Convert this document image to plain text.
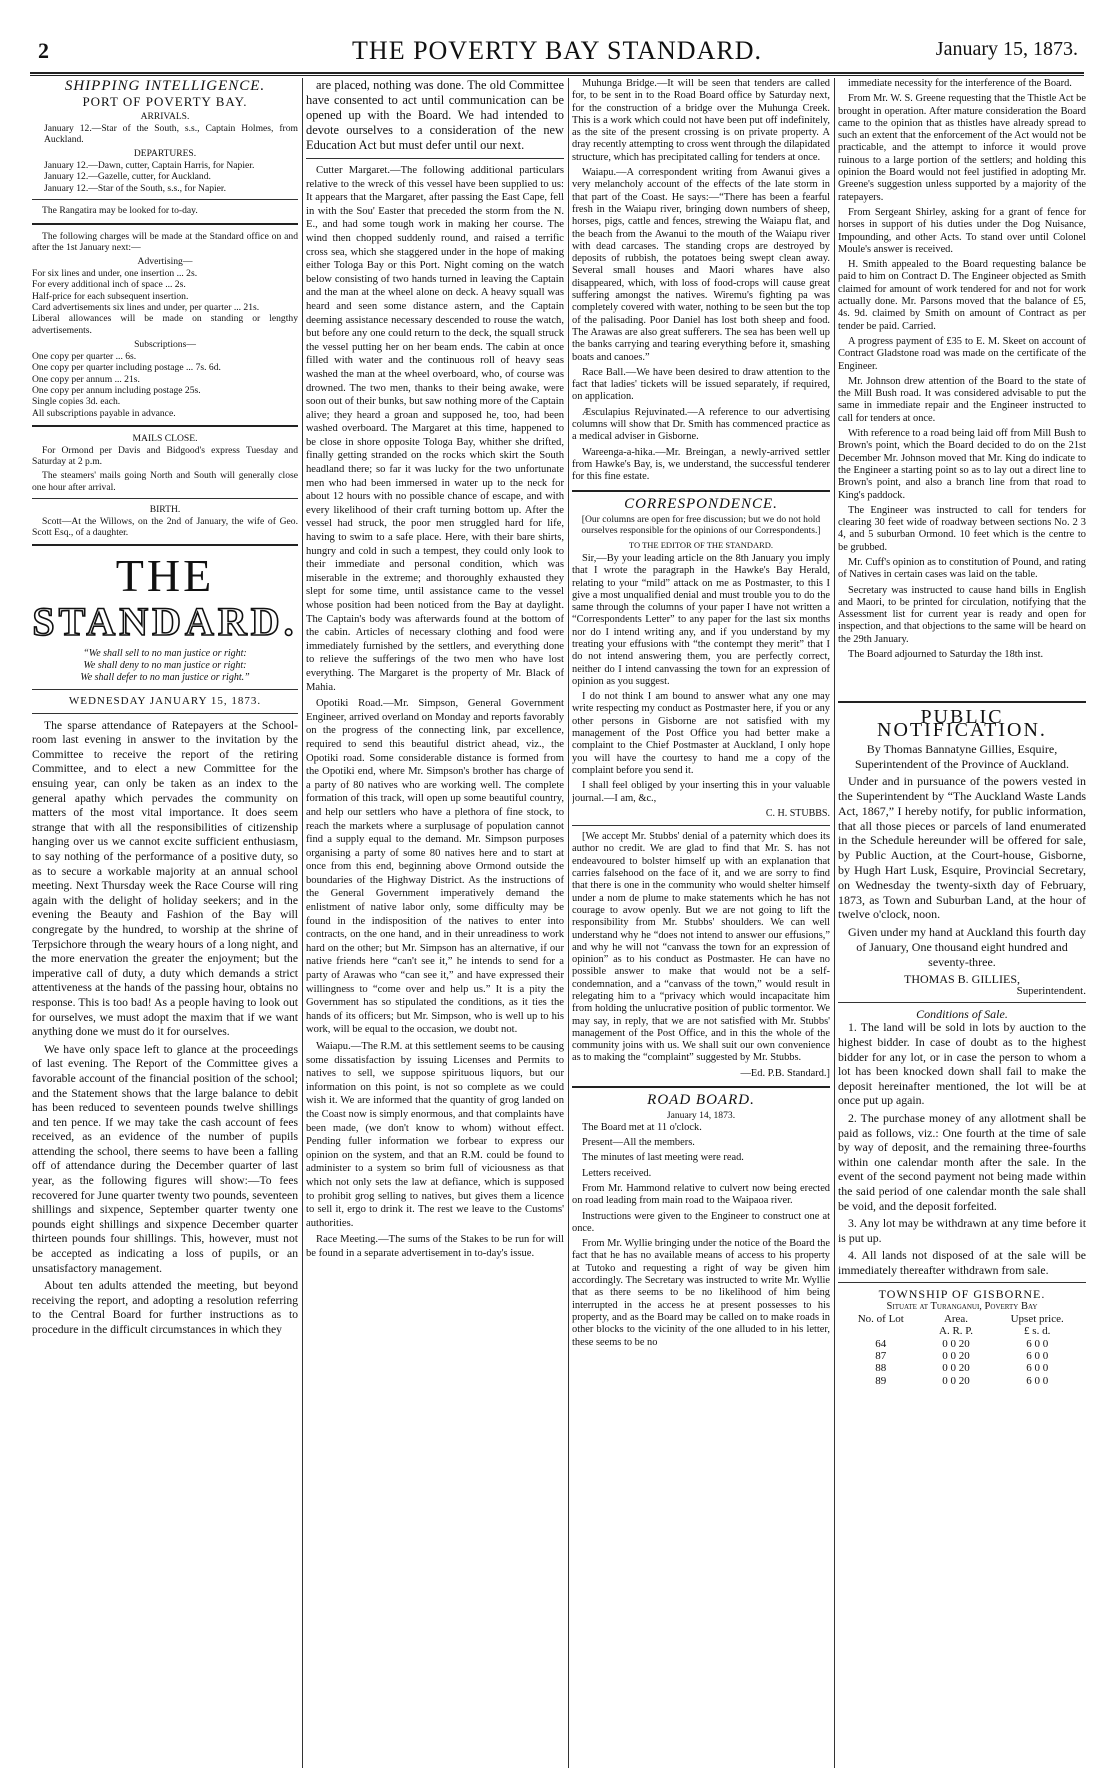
2	THE POVERTY BAY STANDARD.	January 15, 1873.
SHIPPING INTELLIGENCE.
PORT OF POVERTY BAY.
ARRIVALS.
January 12.—Star of the South, s.s., Captain Holmes, from Auckland.
DEPARTURES.
January 12.—Dawn, cutter, Captain Harris, for Napier.
January 12.—Gazelle, cutter, for Auckland.
January 12.—Star of the South, s.s., for Napier.
The Rangatira may be looked for to-day.
The following charges will be made at the Standard office on and after the 1st January next:—
Advertising—
For six lines and under, one insertion ... 2s.
For every additional inch of space ... 2s.
Half-price for each subsequent insertion.
Card advertisements six lines and under, per quarter ... 21s.
Liberal allowances will be made on standing or lengthy advertisements.
Subscriptions—
One copy per quarter ... 6s.
One copy per quarter including postage ... 7s. 6d.
One copy per annum ... 21s.
One copy per annum including postage 25s.
Single copies 3d. each.
All subscriptions payable in advance.
MAILS CLOSE.
For Ormond per Davis and Bidgood's express Tuesday and Saturday at 2 p.m.
The steamers' mails going North and South will generally close one hour after arrival.
BIRTH.
Scott—At the Willows, on the 2nd of January, the wife of Geo. Scott Esq., of a daughter.
THE
STANDARD.
“We shall sell to no man justice or right:
We shall deny to no man justice or right:
We shall defer to no man justice or right.”
WEDNESDAY JANUARY 15, 1873.

The sparse attendance of Ratepayers at the School-room last evening in answer to the invitation by the Committee to receive the report of the retiring Committee, and to elect a new Committee for the ensuing year, can only be taken as an index to the general apathy which pervades the community on matters of the most vital importance. It does seem strange that with all the responsibilities of citizenship hanging over us we cannot excite sufficient enthusiasm, to say nothing of the performance of a positive duty, so as to secure a workable majority at an annual school meeting. Next Thursday week the Race Course will ring again with the delight of holiday seekers; and in the evening the Beauty and Fashion of the Bay will congregate by the hundred, to worship at the shrine of Terpsichore through the weary hours of a long night, and the more enervation the greater the enjoyment; but the imperative call of duty, a duty which demands a strict attentiveness at the hands of the passing hour, obtains no response. This is too bad! As a people having to look out for ourselves, we must adopt the maxim that if we want anything done we must do it for ourselves.

We have only space left to glance at the proceedings of last evening. The Report of the Committee gives a favorable account of the financial position of the school; and the Statement shows that the large balance to debit has been reduced to seventeen pounds twelve shillings and ten pence. If we may take the cash account of fees received, as an evidence of the number of pupils attending the school, there seems to have been a falling off of attendance during the December quarter of last year, as the following figures will show:—To fees recovered for June quarter twenty two pounds, seventeen shillings and sixpence, September quarter twenty one pounds eight shillings and sixpence December quarter thirteen pounds four shillings. This, however, must not be accepted as indicating a loss of pupils, or an unsatisfactory management.

About ten adults attended the meeting, but beyond receiving the report, and adopting a resolution referring to the Central Board for further instructions as to procedure in the difficult circumstances in which they

are placed, nothing was done. The old Committee have consented to act until communication can be opened up with the Board. We had intended to devote ourselves to a consideration of the new Education Act but must defer until our next.

Cutter Margaret.—The following additional particulars relative to the wreck of this vessel have been supplied to us: It appears that the Margaret, after passing the East Cape, fell in with the Sou' Easter that preceded the storm from the N. E., and had some tough work in making her course. The wind then chopped suddenly round, and raised a terrific cross sea, which she staggered under in the hope of making either Tologa Bay or this Port. Night coming on the watch below consisting of two hands turned in leaving the Captain and the man at the wheel alone on deck. A heavy squall was heard and seen some distance astern, and the Captain deeming assistance necessary descended to rouse the watch, but before any one could return to the deck, the squall struck the vessel putting her on her beam ends. The cabin at once filled with water and the continuous roll of heavy seas washed the man at the wheel overboard, who, of course was drowned. The two men, thanks to their being awake, were soon out of their bunks, but saw nothing more of the Captain alive; they heard a groan and supposed he, too, had been washed overboard. The Margaret at this time, happened to be close in shore opposite Tologa Bay, whither she drifted, finally getting stranded on the rocks which skirt the South headland there; so far it was lucky for the two unfortunate men who had been immersed in water up to the neck for about 12 hours with no possible chance of escape, and with every likelihood of their craft turning bottom up. After the vessel had struck, the poor men struggled hard for life, having to swim to a safe place. Here, with their bare shirts, hungry and cold in such a tempest, they could only look to their immediate and personal condition, which was miserable in the extreme; and thoroughly exhausted they slept for some time, until assistance came to the vessel whose position had been noticed from the Bay at daylight. The Captain's body was afterwards found at the bottom of the cabin. Articles of necessary clothing and food were immediately furnished by the settlers, and everything done to relieve the sufferings of the two men who have lost everything. The Margaret is the property of Mr. Black of Mahia.

Opotiki Road.—Mr. Simpson, General Government Engineer, arrived overland on Monday and reports favorably on the progress of the connecting link, par excellence, required to send this beautiful district ahead, viz., the Opotiki road. Some considerable distance is formed from the Opotiki end, where Mr. Simpson's brother has charge of a party of 80 natives who are working well. The complete formation of this track, will open up some beautiful country, and help our settlers who have a plethora of fine stock, to reach the markets where a surplusage of population cannot find a supply equal to the demand. Mr. Simpson purposes organising a party of some 80 natives here and to start at once from this end, beginning above Ormond outside the boundaries of the Highway District. As the instructions of the General Government imperatively demand the enlistment of native labor only, some difficulty may be found in the indisposition of the natives to enter into contracts, on the one hand, and in their unreadiness to work hard on the other; but Mr. Simpson has an alternative, if our native friends here “can't see it,” he intends to send for a party of Arawas who “can see it,” and have expressed their willingness to “come over and help us.” It is a pity the Government has so stipulated the conditions, as it ties the hands of its officers; but Mr. Simpson, who is well up to his work, will be equal to the occasion, we doubt not.

Waiapu.—The R.M. at this settlement seems to be causing some dissatisfaction by issuing Licenses and Permits to natives to sell, we suppose spirituous liquors, but our information on this point, is not so complete as we could wish it. We are informed that the quantity of grog landed on the Coast now is simply enormous, and that complaints have been made, (we don't know to whom) without effect. Pending fuller information we forbear to express our opinion on the system, and that an R.M. could be found to administer to a system so brim full of viciousness as that which not only sets the law at defiance, which is supposed to prohibit grog selling to natives, but gives them a licence to sell it, ergo to drink it. The rest we leave to the Customs' authorities.

Race Meeting.—The sums of the Stakes to be run for will be found in a separate advertisement in to-day's issue.

Muhunga Bridge.—It will be seen that tenders are called for, to be sent in to the Road Board office by Saturday next, for the construction of a bridge over the Muhunga Creek. This is a work which could not have been put off indefinitely, as the site of the present crossing is on private property. A dray recently attempting to cross went through the dilapidated structure, which has precipitated calling for tenders at once.

Waiapu.—A correspondent writing from Awanui gives a very melancholy account of the effects of the late storm in that part of the Coast. He says:—“There has been a fearful fresh in the Waiapu river, bringing down numbers of sheep, horses, pigs, cattle and fences, strewing the Waiapu flat, and the beach from the Awanui to the mouth of the Waiapu river with dead carcases. The standing crops are destroyed by deposits of rubbish, the potatoes being swept clean away. Several small houses and Maori whares have also disappeared, which, with loss of food-crops will cause great suffering amongst the natives. Wiremu's fighting pa was completely covered with water, nothing to be seen but the top of the palisading. Poor Daniel has lost both sheep and food. The Arawas are also great sufferers. The sea has been well up the banks carrying and tearing everything before it, smashing boats and canoes.”

Race Ball.—We have been desired to draw attention to the fact that ladies' tickets will be issued separately, if required, on application.

Æsculapius Rejuvinated.—A reference to our advertising columns will show that Dr. Smith has commenced practice as a medical adviser in Gisborne.

Wareenga-a-hika.—Mr. Breingan, a newly-arrived settler from Hawke's Bay, is, we understand, the successful tenderer for this fine estate.

CORRESPONDENCE.
[Our columns are open for free discussion; but we do not hold ourselves responsible for the opinions of our Correspondents.]
TO THE EDITOR OF THE STANDARD.

Sir,—By your leading article on the 8th January you imply that I wrote the paragraph in the Hawke's Bay Herald, relating to your “mild” attack on me as Postmaster, to this I give a most unqualified denial and must trouble you to do the same through the columns of your paper I have not written a “Correspondents Letter” to any paper for the last six months nor do I intend writing any, and if you understand by my treating your effusions with “the contempt they merit” that I do not intend answering them, you are perfectly correct, neither do I intend canvassing the town for an expression of opinion as you suggest.

I do not think I am bound to answer what any one may write respecting my conduct as Postmaster here, if you or any other persons in Gisborne are not satisfied with my management of the Post Office you had better make a complaint to the Chief Postmaster at Auckland, I only hope you will have the courtesy to hand me a copy of the complaint before you send it.

I shall feel obliged by your inserting this in your valuable journal.—I am, &c.,

C. H. STUBBS.

[We accept Mr. Stubbs' denial of a paternity which does its author no credit. We are glad to find that Mr. S. has not endeavoured to bolster himself up with an explanation that carries falsehood on the face of it, and we are sorry to find that there is one in the community who would shelter himself under a nom de plume to make statements which he has not courage to avow openly. But we are not going to lift the responsibility from Mr. Stubbs' shoulders. We can well understand why he “does not intend to answer our effusions,” and why he will not “canvass the town for an expression of opinion” as to his conduct as Postmaster. He can have no possible answer to make that would not be a self-condemnation, and a “canvass of the town,” would result in relegating him to a “privacy which would incapacitate him from holding the unlucrative position of public tormentor. We may say, in reply, that we are not satisfied with Mr. Stubbs' management of the Post Office, and in this the whole of the community joins with us. We shall suit our own convenience as to making the “complaint” suggested by Mr. Stubbs.

—Ed. P.B. Standard.]
ROAD BOARD.
January 14, 1873.

The Board met at 11 o'clock.

Present—All the members.

The minutes of last meeting were read.

Letters received.

From Mr. Hammond relative to culvert now being erected on road leading from main road to the Waipaoa river.

Instructions were given to the Engineer to construct one at once.

From Mr. Wyllie bringing under the notice of the Board the fact that he has no available means of access to his property at Tutoko and requesting a right of way be given him accordingly. The Secretary was instructed to write Mr. Wyllie that as there seems to be no likelihood of him being interrupted in the access he at present possesses to his property, and as the Board may be called on to make roads in other blocks to the vicinity of the one alluded to in his letter, these seems to be no

immediate necessity for the interference of the Board.

From Mr. W. S. Greene requesting that the Thistle Act be brought in operation. After mature consideration the Board came to the opinion that as thistles have already spread to such an extent that the enforcement of the Act would not be practicable, and the attempt to inforce it would prove ruinous to a large portion of the settlers; and holding this opinion the Board would not feel justified in adopting Mr. Greene's suggestion unless supported by a majority of the ratepayers.

From Sergeant Shirley, asking for a grant of fence for horses in support of his duties under the Dog Nuisance, Impounding, and other Acts. To stand over until Colonel Moule's answer is received.

H. Smith appealed to the Board requesting balance be paid to him on Contract D. The Engineer objected as Smith claimed for amount of work tendered for and not for work actually done. Mr. Parsons moved that the balance of £5, 4s. 9d. claimed by Smith on amount of Contract as per tender be paid. Carried.

A progress payment of £35 to E. M. Skeet on account of Contract Gladstone road was made on the certificate of the Engineer.

Mr. Johnson drew attention of the Board to the state of the Mill Bush road. It was considered advisable to put the same in immediate repair and the Engineer instructed to call for tenders at once.

With reference to a road being laid off from Mill Bush to Brown's point, which the Board decided to do on the 21st December Mr. Johnson moved that Mr. King do indicate to the Engineer a starting point so as to lay out a direct line to Brown's point, and also a branch line from that road to King's paddock.

The Engineer was instructed to call for tenders for clearing 30 feet wide of roadway between sections No. 2 3 4, and 5 suburban Ormond. 10 feet which is the centre to be grubbed.

Mr. Cuff's opinion as to constitution of Pound, and rating of Natives in certain cases was laid on the table.

Secretary was instructed to cause hand bills in English and Maori, to be printed for circulation, notifying that the Assessment list for current year is ready and open for inspection, and that objections to the same will be heard on the 29th January.

The Board adjourned to Saturday the 18th inst.

PUBLIC NOTIFICATION.

By Thomas Bannatyne Gillies, Esquire, Superintendent of the Province of Auckland.

Under and in pursuance of the powers vested in the Superintendent by “The Auckland Waste Lands Act, 1867,” I hereby notify, for public information, that all those pieces or parcels of land enumerated in the Schedule hereunder will be offered for sale, by Public Auction, at the Court-house, Gisborne, by Hugh Hart Lusk, Esquire, Provincial Secretary, on Wednesday the twenty-sixth day of February, 1873, as Town and Suburban Land, at the hour of twelve o'clock, noon.

Given under my hand at Auckland this fourth day of January, One thousand eight hundred and seventy-three.

THOMAS B. GILLIES,
Superintendent.
Conditions of Sale.

1. The land will be sold in lots by auction to the highest bidder. In case of doubt as to the highest bidder for any lot, or in case the person to whom a lot has been knocked down shall fail to make the deposit hereinafter mentioned, the lot will be at once put up again.

2. The purchase money of any allotment shall be paid as follows, viz.: One fourth at the time of sale by way of deposit, and the remaining three-fourths within one calendar month after the sale. In the event of the second payment not being made within the said period of one calendar month the sale shall be void, and the deposit forfeited.

3. Any lot may be withdrawn at any time before it is put up.

4. All lands not disposed of at the sale will be immediately thereafter withdrawn from sale.

TOWNSHIP OF GISBORNE.
Situate at Turanganui, Poverty Bay
No. of Lot	Area.	Upset price.
	A. R. P.	£ s. d.
64	0 0 20	6 0 0
87	0 0 20	6 0 0
88	0 0 20	6 0 0
89	0 0 20	6 0 0
